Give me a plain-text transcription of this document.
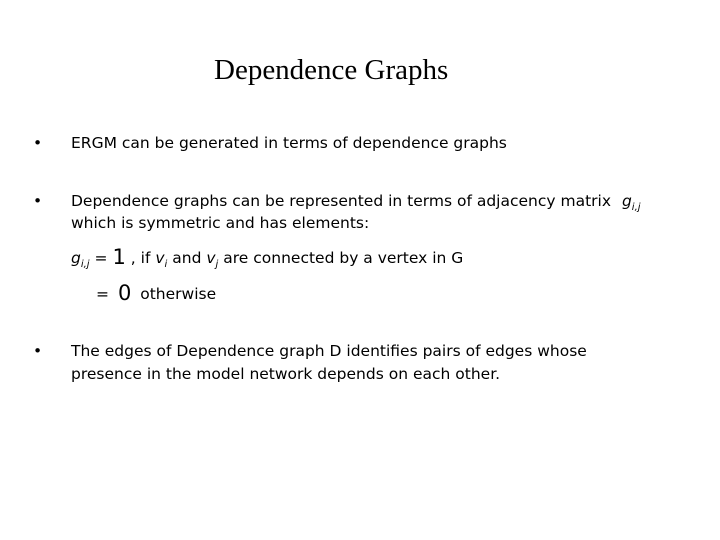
Dependence Graphs
• ERGM can be generated in terms of dependence graphs
• Dependence graphs can be represented in terms of adjacency matrix $g_{i,j}$
which is symmetric and has elements:
$g_{i,j} = 1$ , if $v_i$ and $v_j$ are connected by a vertex in G
= 0 otherwise
• The edges of Dependence graph D identifies pairs of edges whose
presence in the model network depends on each other.
